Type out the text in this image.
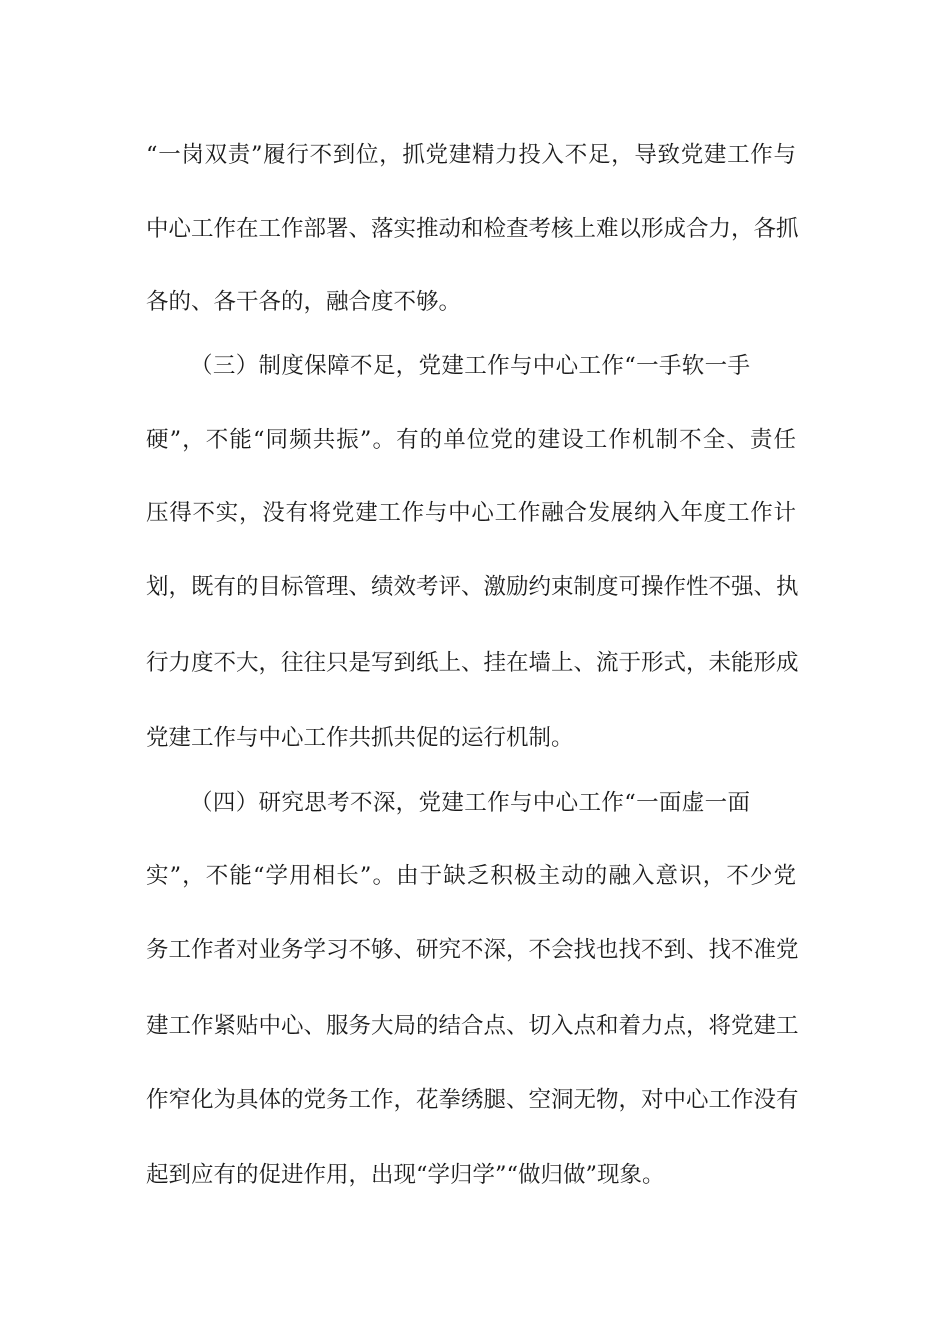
“一岗双责”履行不到位，抓党建精力投入不足，导致党建工作与
中心工作在工作部署、落实推动和检查考核上难以形成合力，各抓
各的、各干各的，融合度不够。
（三）制度保障不足，党建工作与中心工作“一手软一手
硬”，不能“同频共振”。有的单位党的建设工作机制不全、责任
压得不实，没有将党建工作与中心工作融合发展纳入年度工作计
划，既有的目标管理、绩效考评、激励约束制度可操作性不强、执
行力度不大，往往只是写到纸上、挂在墙上、流于形式，未能形成
党建工作与中心工作共抓共促的运行机制。
（四）研究思考不深，党建工作与中心工作“一面虚一面
实”，不能“学用相长”。由于缺乏积极主动的融入意识，不少党
务工作者对业务学习不够、研究不深，不会找也找不到、找不准党
建工作紧贴中心、服务大局的结合点、切入点和着力点，将党建工
作窄化为具体的党务工作，花拳绣腿、空洞无物，对中心工作没有
起到应有的促进作用，出现“学归学”“做归做”现象。
